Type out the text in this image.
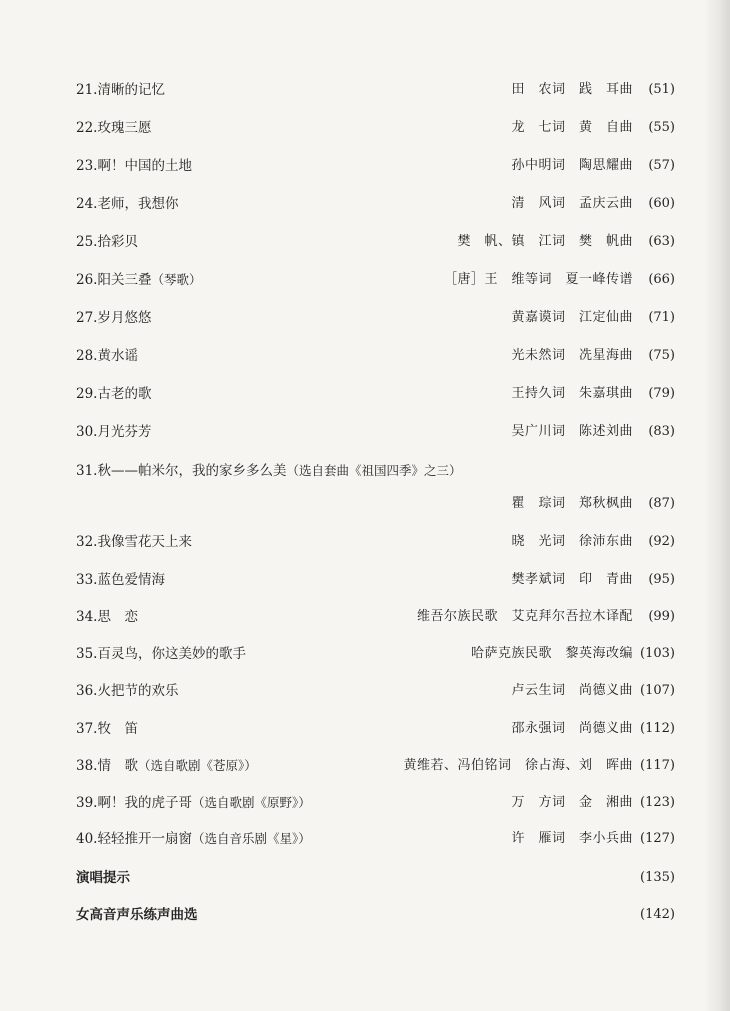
21.清晰的记忆	田　农词　践　耳曲	(51)
22.玫瑰三愿	龙　七词　黄　自曲	(55)
23.啊！中国的土地	孙中明词　陶思耀曲	(57)
24.老师，我想你	清　风词　孟庆云曲	(60)
25.拾彩贝	樊　帆、镇　江词　樊　帆曲	(63)
26.阳关三叠（琴歌）	［唐］王　维等词　夏一峰传谱	(66)
27.岁月悠悠	黄嘉谟词　江定仙曲	(71)
28.黄水谣	光未然词　冼星海曲	(75)
29.古老的歌	王持久词　朱嘉琪曲	(79)
30.月光芬芳	吴广川词　陈述刘曲	(83)
31.秋——帕米尔，我的家乡多么美（选自套曲《祖国四季》之三）
瞿　琮词　郑秋枫曲	(87)
32.我像雪花天上来	晓　光词　徐沛东曲	(92)
33.蓝色爱情海	樊孝斌词　印　青曲	(95)
34.思　恋	维吾尔族民歌　艾克拜尔吾拉木译配	(99)
35.百灵鸟，你这美妙的歌手	哈萨克族民歌　黎英海改编 (103)
36.火把节的欢乐	卢云生词　尚德义曲 (107)
37.牧　笛	邵永强词　尚德义曲 (112)
38.情　歌（选自歌剧《苍原》）	黄维若、冯伯铭词　徐占海、刘　晖曲 (117)
39.啊！我的虎子哥（选自歌剧《原野》）	万　方词　金　湘曲 (123)
40.轻轻推开一扇窗（选自音乐剧《星》）	许　雁词　李小兵曲 (127)
演唱提示	(135)
女高音声乐练声曲选	(142)
